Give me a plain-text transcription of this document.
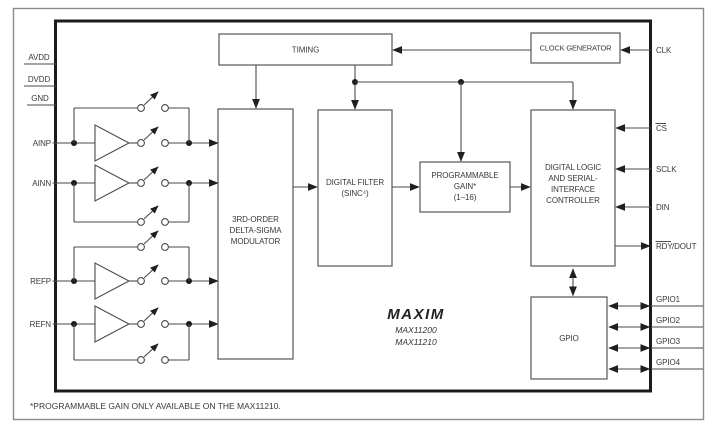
AVDD
DVDD
GND
AINP
AINN
REFP
REFN
TIMING	CLOCK GENERATOR
3RD-ORDER
DELTA-SIGMA
MODULATOR
DIGITAL FILTER
(SINC⁴)
PROGRAMMABLE
GAIN*
(1–16)
DIGITAL LOGIC
AND SERIAL-
INTERFACE
CONTROLLER
GPIO
CLK
CS
SCLK
DIN
RDY /DOUT
GPIO1
GPIO2
GPIO3
GPIO4
MAXIM
MAX11200
MAX11210
*PROGRAMMABLE GAIN ONLY AVAILABLE ON THE MAX11210.
